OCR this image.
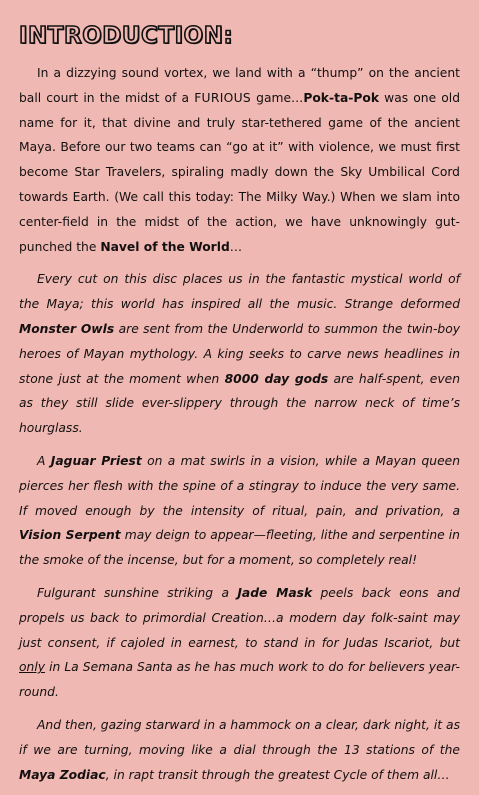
INTRODUCTION:

In a dizzying sound vortex, we land with a “thump” on the ancient ball court in the midst of a FURIOUS game…Pok-ta-Pok was one old name for it, that divine and truly star-tethered game of the ancient Maya. Before our two teams can “go at it” with violence, we must first become Star Travelers, spiraling madly down the Sky Umbilical Cord towards Earth. (We call this today: The Milky Way.) When we slam into center-field in the midst of the action, we have unknowingly gut-punched the Navel of the World…

Every cut on this disc places us in the fantastic mystical world of the Maya; this world has inspired all the music. Strange deformed Monster Owls are sent from the Underworld to summon the twin-boy heroes of Mayan mythology. A king seeks to carve news headlines in stone just at the moment when 8000 day gods are half-spent, even as they still slide ever-slippery through the narrow neck of time’s hourglass.

A Jaguar Priest on a mat swirls in a vision, while a Mayan queen pierces her flesh with the spine of a stingray to induce the very same. If moved enough by the intensity of ritual, pain, and privation, a Vision Serpent may deign to appear—fleeting, lithe and serpentine in the smoke of the incense, but for a moment, so completely real!

Fulgurant sunshine striking a Jade Mask peels back eons and propels us back to primordial Creation…a modern day folk-saint may just consent, if cajoled in earnest, to stand in for Judas Iscariot, but only in La Semana Santa as he has much work to do for believers year-round.

And then, gazing starward in a hammock on a clear, dark night, it as if we are turning, moving like a dial through the 13 stations of the Maya Zodiac, in rapt transit through the greatest Cycle of them all…
